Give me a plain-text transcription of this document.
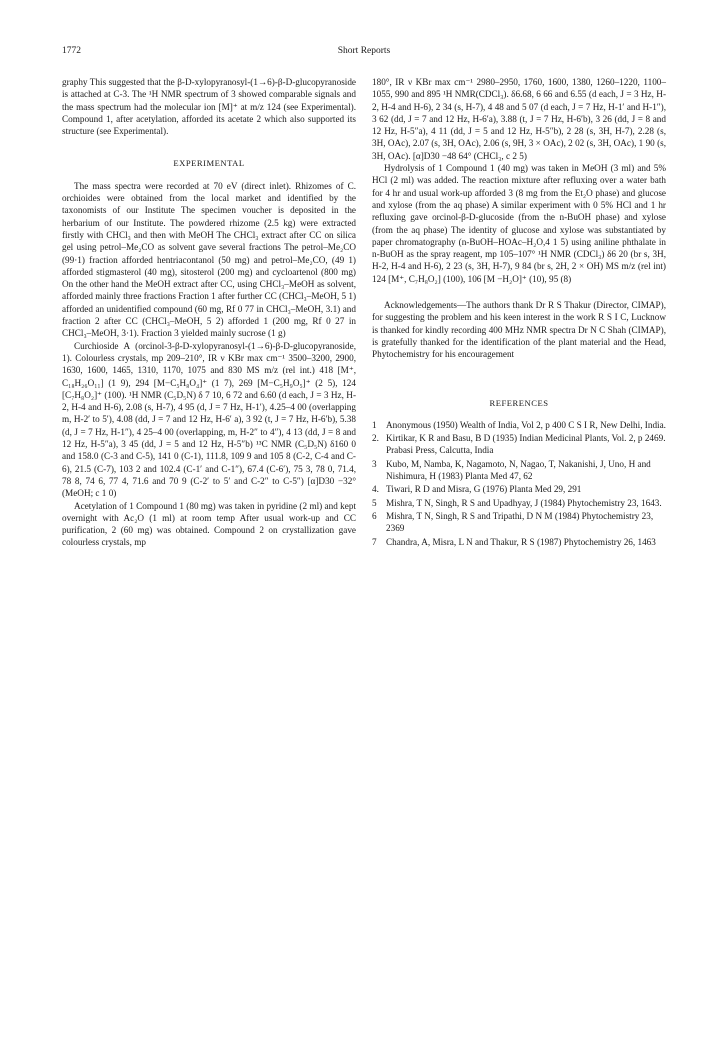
1772	Short Reports

graphy This suggested that the β-D-xylopyranosyl-(1→6)-β-D-glucopyranoside is attached at C-3. The ¹H NMR spectrum of 3 showed comparable signals and the mass spectrum had the molecular ion [M]⁺ at m/z 124 (see Experimental). Compound 1, after acetylation, afforded its acetate 2 which also supported its structure (see Experimental).

EXPERIMENTAL

The mass spectra were recorded at 70 eV (direct inlet). Rhizomes of C. orchioides were obtained from the local market and identified by the taxonomists of our Institute The specimen voucher is deposited in the herbarium of our Institute. The powdered rhizome (2.5 kg) were extracted firstly with CHCl₃ and then with MeOH The CHCl₃ extract after CC on silica gel using petrol–Me₂CO as solvent gave several fractions The petrol–Me₂CO (99·1) fraction afforded hentriacontanol (50 mg) and petrol–Me₂CO, (49 1) afforded stigmasterol (40 mg), sitosterol (200 mg) and cycloartenol (800 mg) On the other hand the MeOH extract after CC, using CHCl₃–MeOH as solvent, afforded mainly three fractions Fraction 1 after further CC (CHCl₃–MeOH, 5 1) afforded an unidentified compound (60 mg, Rf 0 77 in CHCl₃–MeOH, 3.1) and fraction 2 after CC (CHCl₃–MeOH, 5 2) afforded 1 (200 mg, Rf 0 27 in CHCl₃–MeOH, 3·1). Fraction 3 yielded mainly sucrose (1 g)

Curchioside A (orcinol-3-β-D-xylopyranosyl-(1→6)-β-D-glucopyranoside, 1). Colourless crystals, mp 209–210°, IR ν KBr max cm⁻¹ 3500–3200, 2900, 1630, 1600, 1465, 1310, 1170, 1075 and 830 MS m/z (rel int.) 418 [M⁺, C₁₈H₂₆O₁₁] (1 9), 294 [M−C₅H₈O₄]⁺ (1 7), 269 [M−C₅H₉O₅]⁺ (2 5), 124 [C₇H₈O₂]⁺ (100). ¹H NMR (C₅D₅N) δ 7 10, 6 72 and 6.60 (d each, J = 3 Hz, H-2, H-4 and H-6), 2.08 (s, H-7), 4 95 (d, J = 7 Hz, H-1′), 4.25–4 00 (overlapping m, H-2′ to 5′), 4.08 (dd, J = 7 and 12 Hz, H-6′ a), 3 92 (t, J = 7 Hz, H-6′b), 5.38 (d, J = 7 Hz, H-1″), 4 25–4 00 (overlapping, m, H-2″ to 4″), 4 13 (dd, J = 8 and 12 Hz, H-5″a), 3 45 (dd, J = 5 and 12 Hz, H-5″b) ¹³C NMR (C₅D₅N) δ160 0 and 158.0 (C-3 and C-5), 141 0 (C-1), 111.8, 109 9 and 105 8 (C-2, C-4 and C-6), 21.5 (C-7), 103 2 and 102.4 (C-1′ and C-1″), 67.4 (C-6′), 75 3, 78 0, 71.4, 78 8, 74 6, 77 4, 71.6 and 70 9 (C-2′ to 5′ and C-2″ to C-5″) [α]D30 −32° (MeOH; c 1 0)

Acetylation of 1 Compound 1 (80 mg) was taken in pyridine (2 ml) and kept overnight with Ac₂O (1 ml) at room temp After usual work-up and CC purification, 2 (60 mg) was obtained. Compound 2 on crystallization gave colourless crystals, mp

180°, IR ν KBr max cm⁻¹ 2980–2950, 1760, 1600, 1380, 1260–1220, 1100–1055, 990 and 895 ¹H NMR(CDCl₃). δ6.68, 6 66 and 6.55 (d each, J = 3 Hz, H-2, H-4 and H-6), 2 34 (s, H-7), 4 48 and 5 07 (d each, J = 7 Hz, H-1′ and H-1″), 3 62 (dd, J = 7 and 12 Hz, H-6′a), 3.88 (t, J = 7 Hz, H-6′b), 3 26 (dd, J = 8 and 12 Hz, H-5″a), 4 11 (dd, J = 5 and 12 Hz, H-5″b), 2 28 (s, 3H, H-7), 2.28 (s, 3H, OAc), 2.07 (s, 3H, OAc), 2.06 (s, 9H, 3 × OAc), 2 02 (s, 3H, OAc), 1 90 (s, 3H, OAc). [α]D30 −48 64° (CHCl₃, c 2 5)

Hydrolysis of 1 Compound 1 (40 mg) was taken in MeOH (3 ml) and 5% HCl (2 ml) was added. The reaction mixture after refluxing over a water bath for 4 hr and usual work-up afforded 3 (8 mg from the Et₂O phase) and glucose and xylose (from the aq phase) A similar experiment with 0 5% HCl and 1 hr refluxing gave orcinol-β-D-glucoside (from the n-BuOH phase) and xylose (from the aq phase) The identity of glucose and xylose was substantiated by paper chromatography (n-BuOH–HOAc–H₂O,4 1 5) using aniline phthalate in n-BuOH as the spray reagent, mp 105–107° ¹H NMR (CDCl₃) δ6 20 (br s, 3H, H-2, H-4 and H-6), 2 23 (s, 3H, H-7), 9 84 (br s, 2H, 2 × OH) MS m/z (rel int) 124 [M⁺, C₇H₈O₂] (100), 106 [M −H₂O]⁺ (10), 95 (8)

Acknowledgements—The authors thank Dr R S Thakur (Director, CIMAP), for suggesting the problem and his keen interest in the work R S I C, Lucknow is thanked for kindly recording 400 MHz NMR spectra Dr N C Shah (CIMAP), is gratefully thanked for the identification of the plant material and the Head, Phytochemistry for his encouragement

REFERENCES
1 Anonymous (1950) Wealth of India, Vol 2, p 400 C S I R, New Delhi, India.
2. Kirtikar, K R and Basu, B D (1935) Indian Medicinal Plants, Vol. 2, p 2469. Prabasi Press, Calcutta, India
3 Kubo, M, Namba, K, Nagamoto, N, Nagao, T, Nakanishi, J, Uno, H and Nishimura, H (1983) Planta Med 47, 62
4. Tiwari, R D and Misra, G (1976) Planta Med 29, 291
5 Mishra, T N, Singh, R S and Upadhyay, J (1984) Phytochemistry 23, 1643.
6 Mishra, T N, Singh, R S and Tripathi, D N M (1984) Phytochemistry 23, 2369
7 Chandra, A, Misra, L N and Thakur, R S (1987) Phytochemistry 26, 1463
